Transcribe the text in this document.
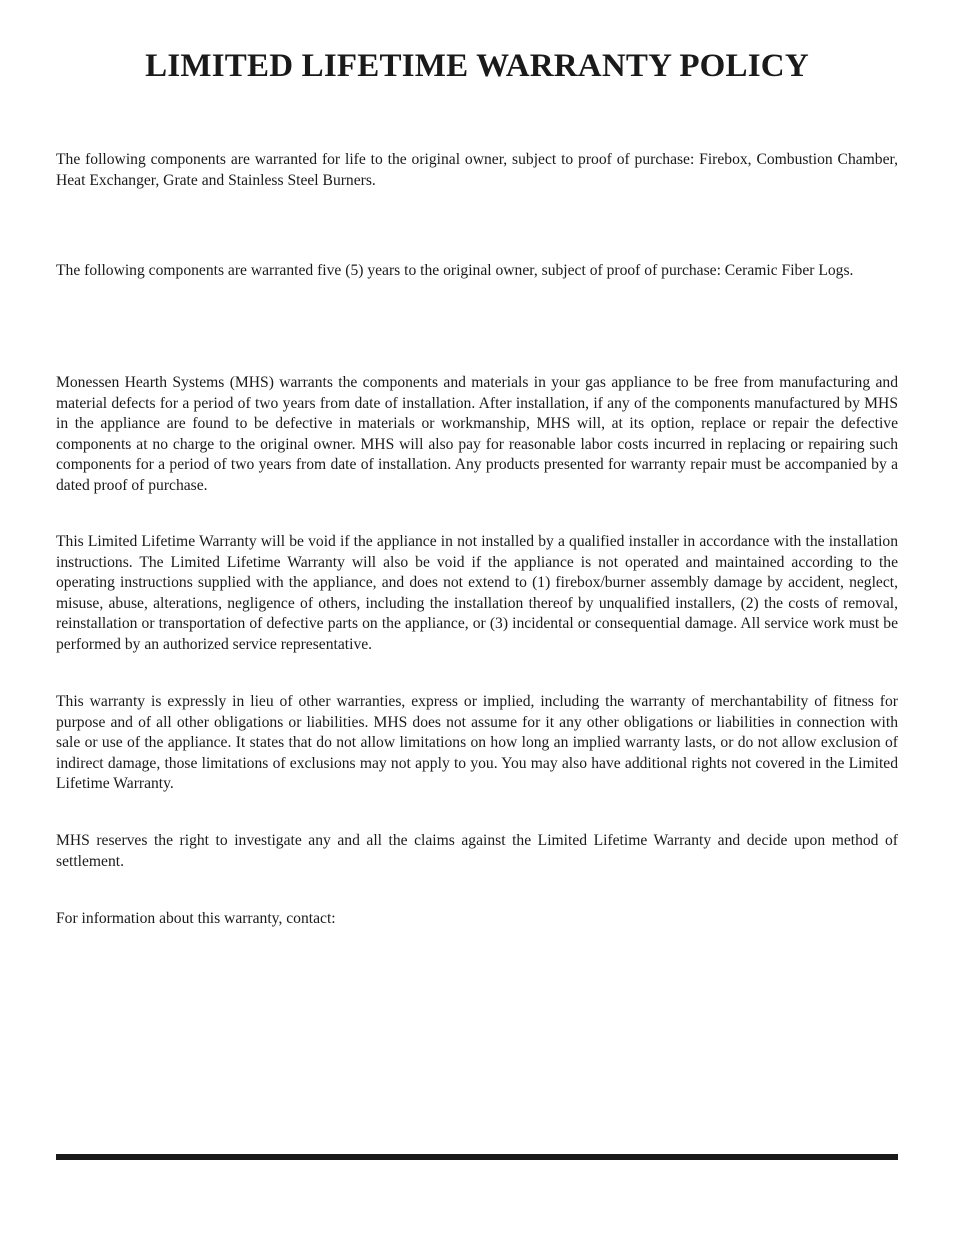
LIMITED LIFETIME WARRANTY POLICY

The following components are warranted for life to the original owner, subject to proof of purchase: Firebox, Combustion Chamber, Heat Exchanger, Grate and Stainless Steel Burners.

The following components are warranted five (5) years to the original owner, subject of proof of purchase: Ceramic Fiber Logs.

Monessen Hearth Systems (MHS) warrants the components and materials in your gas appliance to be free from manufacturing and material defects for a period of two years from date of installation. After installation, if any of the components manufactured by MHS in the appliance are found to be defective in materials or workmanship, MHS will, at its option, replace or repair the defective components at no charge to the original owner. MHS will also pay for reasonable labor costs incurred in replacing or repairing such components for a period of two years from date of installation. Any products presented for warranty repair must be accompanied by a dated proof of purchase.

This Limited Lifetime Warranty will be void if the appliance in not installed by a qualified installer in accordance with the installation instructions. The Limited Lifetime Warranty will also be void if the appliance is not operated and maintained according to the operating instructions supplied with the appliance, and does not extend to (1) firebox/burner assembly damage by accident, neglect, misuse, abuse, alterations, negligence of others, including the installation thereof by unqualified installers, (2) the costs of removal, reinstallation or transportation of defective parts on the appliance, or (3) incidental or consequential damage. All service work must be performed by an authorized service representative.

This warranty is expressly in lieu of other warranties, express or implied, including the warranty of merchantability of fitness for purpose and of all other obligations or liabilities. MHS does not assume for it any other obligations or liabilities in connection with sale or use of the appliance. It states that do not allow limitations on how long an implied warranty lasts, or do not allow exclusion of indirect damage, those limitations of exclusions may not apply to you. You may also have additional rights not covered in the Limited Lifetime Warranty.

MHS reserves the right to investigate any and all the claims against the Limited Lifetime Warranty and decide upon method of settlement.

For information about this warranty, contact:
